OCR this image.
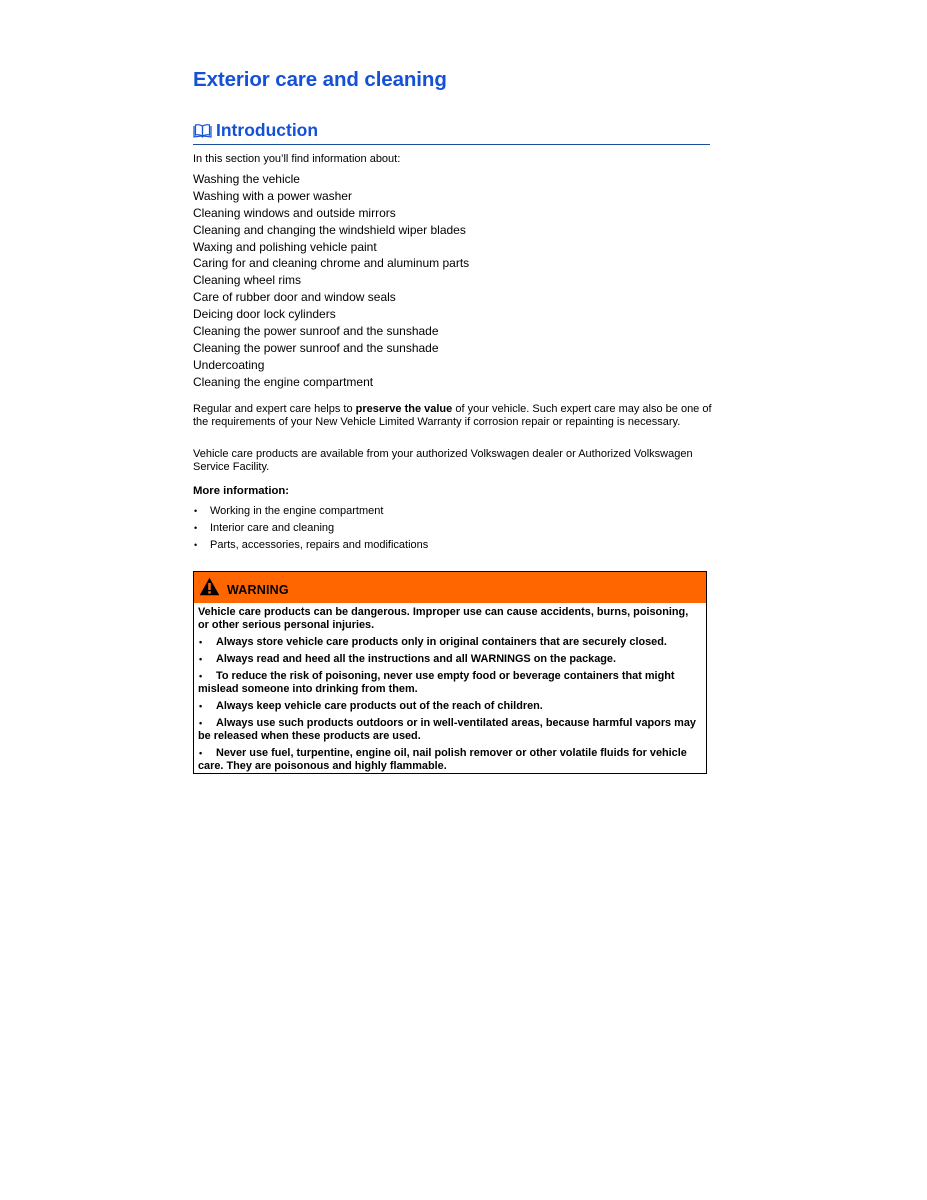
Exterior care and cleaning
Introduction

In this section you’ll find information about:

Washing the vehicle
Washing with a power washer
Cleaning windows and outside mirrors
Cleaning and changing the windshield wiper blades
Waxing and polishing vehicle paint
Caring for and cleaning chrome and aluminum parts
Cleaning wheel rims
Care of rubber door and window seals
Deicing door lock cylinders
Cleaning the power sunroof and the sunshade
Cleaning the power sunroof and the sunshade
Undercoating
Cleaning the engine compartment

Regular and expert care helps to preserve the value of your vehicle. Such expert care may also be one of the requirements of your New Vehicle Limited Warranty if corrosion repair or repainting is necessary.

Vehicle care products are available from your authorized Volkswagen dealer or Authorized Volkswagen Service Facility.

More information:

• Working in the engine compartment
• Interior care and cleaning
• Parts, accessories, repairs and modifications
WARNING

Vehicle care products can be dangerous. Improper use can cause accidents, burns, poisoning, or other serious personal injuries.

• Always store vehicle care products only in original containers that are securely closed.

• Always read and heed all the instructions and all WARNINGS on the package.

• To reduce the risk of poisoning, never use empty food or beverage containers that might mislead someone into drinking from them.

• Always keep vehicle care products out of the reach of children.

• Always use such products outdoors or in well-ventilated areas, because harmful vapors may be released when these products are used.

• Never use fuel, turpentine, engine oil, nail polish remover or other volatile fluids for vehicle care. They are poisonous and highly flammable.
